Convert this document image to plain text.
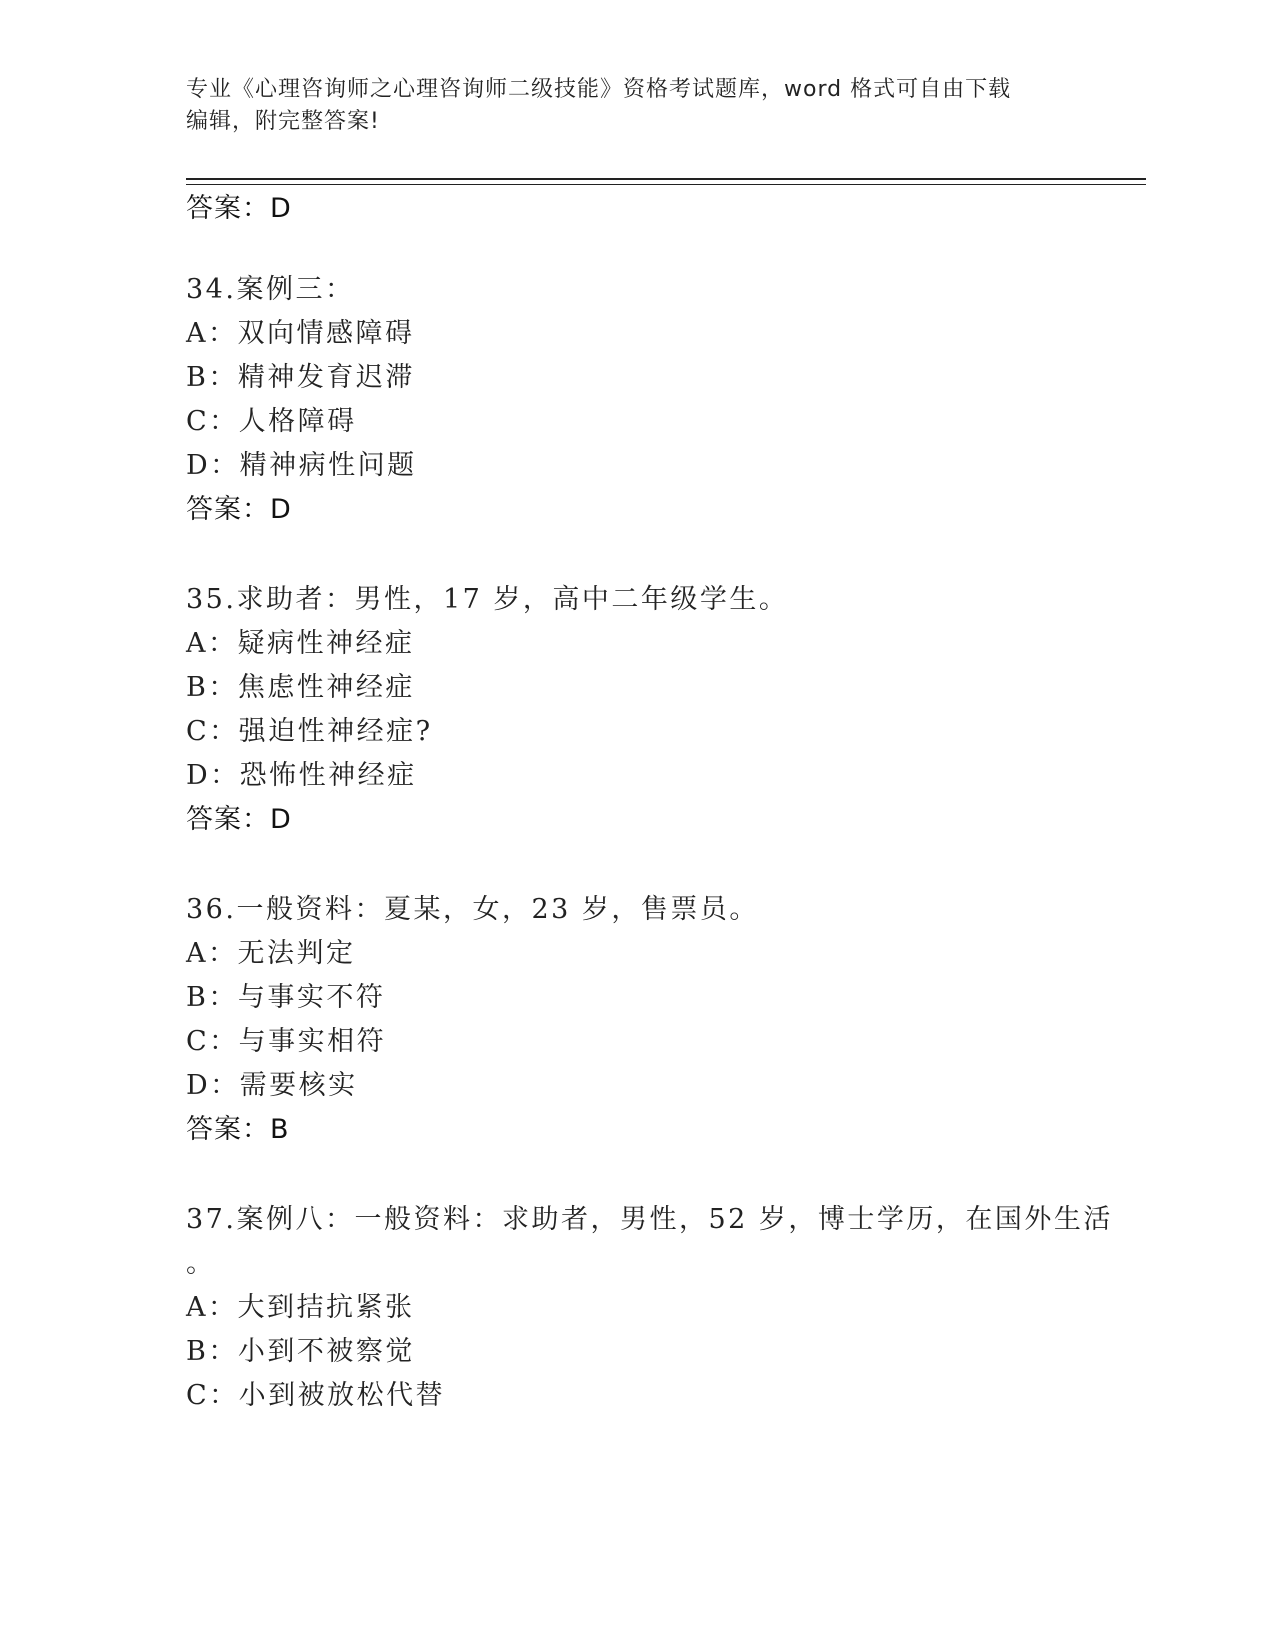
专业《心理咨询师之心理咨询师二级技能》资格考试题库，word 格式可自由下载
编辑，附完整答案!
答案：D
34.案例三：
A：双向情感障碍
B：精神发育迟滞
C：人格障碍
D：精神病性问题
答案：D
35.求助者：男性，17 岁，高中二年级学生。
A：疑病性神经症
B：焦虑性神经症
C：强迫性神经症?
D：恐怖性神经症
答案：D
36.一般资料：夏某，女，23 岁，售票员。
A：无法判定
B：与事实不符
C：与事实相符
D：需要核实
答案：B
37.案例八：一般资料：求助者，男性，52 岁，博士学历，在国外生活
。
A：大到拮抗紧张
B：小到不被察觉
C：小到被放松代替
